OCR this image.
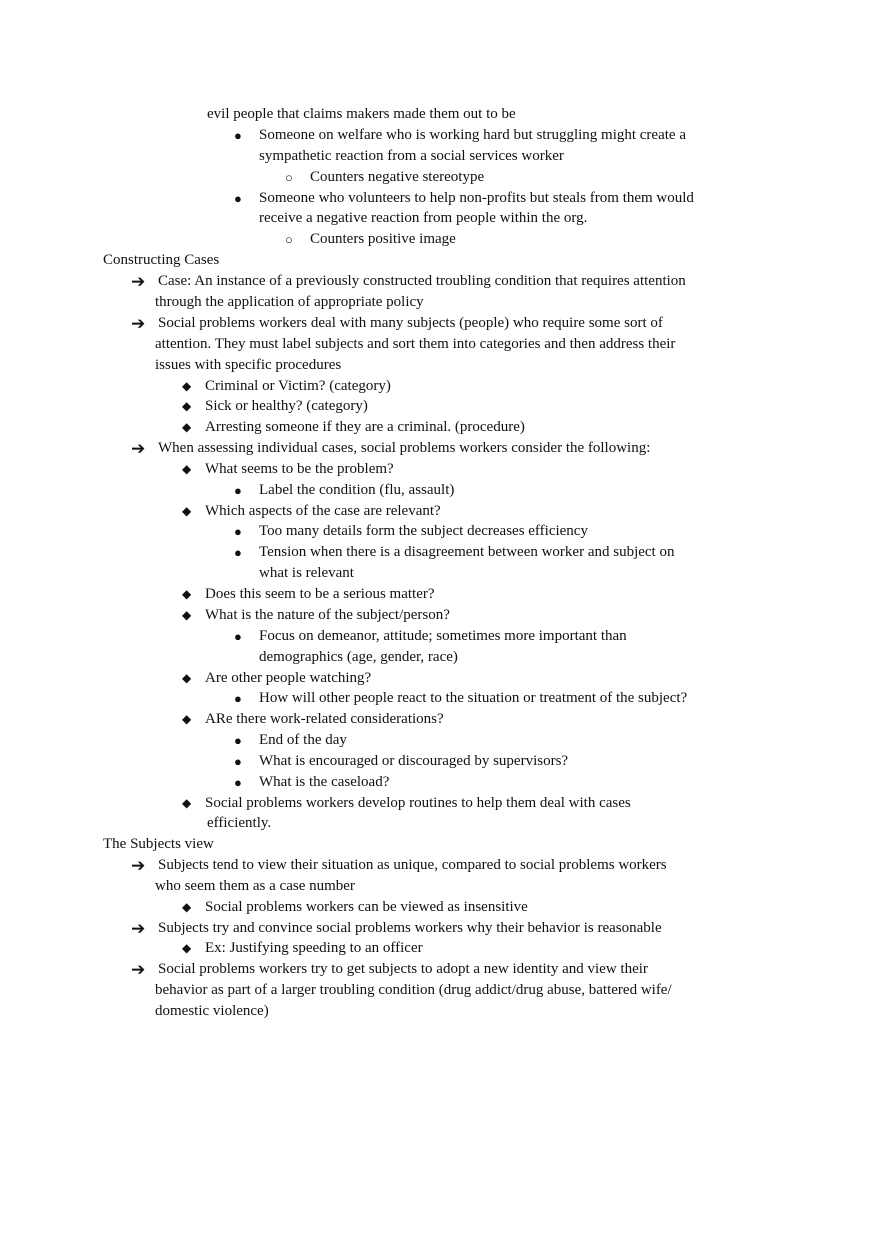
evil people that claims makers made them out to be
● Someone on welfare who is working hard but struggling might create a
sympathetic reaction from a social services worker
○ Counters negative stereotype
● Someone who volunteers to help non-profits but steals from them would
receive a negative reaction from people within the org.
○ Counters positive image
Constructing Cases
➔ Case: An instance of a previously constructed troubling condition that requires attention
through the application of appropriate policy
➔ Social problems workers deal with many subjects (people) who require some sort of
attention. They must label subjects and sort them into categories and then address their
issues with specific procedures
◆ Criminal or Victim? (category)
◆ Sick or healthy? (category)
◆ Arresting someone if they are a criminal. (procedure)
➔ When assessing individual cases, social problems workers consider the following:
◆ What seems to be the problem?
● Label the condition (flu, assault)
◆ Which aspects of the case are relevant?
● Too many details form the subject decreases efficiency
● Tension when there is a disagreement between worker and subject on
what is relevant
◆ Does this seem to be a serious matter?
◆ What is the nature of the subject/person?
● Focus on demeanor, attitude; sometimes more important than
demographics (age, gender, race)
◆ Are other people watching?
● How will other people react to the situation or treatment of the subject?
◆ ARe there work-related considerations?
● End of the day
● What is encouraged or discouraged by supervisors?
● What is the caseload?
◆ Social problems workers develop routines to help them deal with cases
efficiently.
The Subjects view
➔ Subjects tend to view their situation as unique, compared to social problems workers
who seem them as a case number
◆ Social problems workers can be viewed as insensitive
➔ Subjects try and convince social problems workers why their behavior is reasonable
◆ Ex: Justifying speeding to an officer
➔ Social problems workers try to get subjects to adopt a new identity and view their
behavior as part of a larger troubling condition (drug addict/drug abuse, battered wife/
domestic violence)
